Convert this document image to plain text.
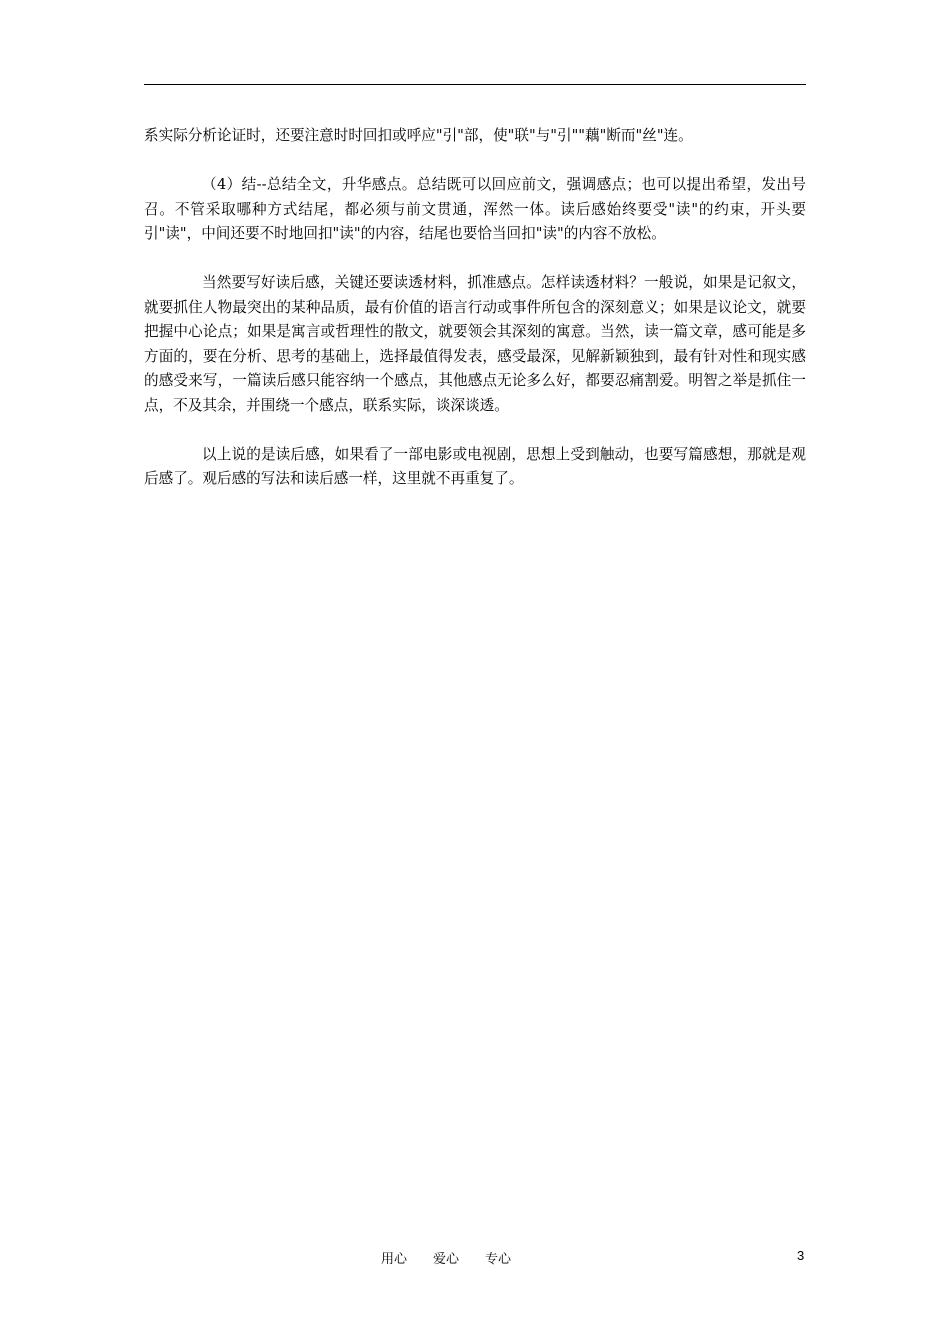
系实际分析论证时，还要注意时时回扣或呼应"引"部，使"联"与"引""藕"断而"丝"连。

（4）结--总结全文，升华感点。总结既可以回应前文，强调感点；也可以提出希望，发出号召。不管采取哪种方式结尾，都必须与前文贯通，浑然一体。读后感始终要受"读"的约束，开头要引"读"，中间还要不时地回扣"读"的内容，结尾也要恰当回扣"读"的内容不放松。

当然要写好读后感，关键还要读透材料，抓准感点。怎样读透材料？一般说，如果是记叙文，就要抓住人物最突出的某种品质，最有价值的语言行动或事件所包含的深刻意义；如果是议论文，就要把握中心论点；如果是寓言或哲理性的散文，就要领会其深刻的寓意。当然，读一篇文章，感可能是多方面的，要在分析、思考的基础上，选择最值得发表，感受最深，见解新颖独到，最有针对性和现实感的感受来写，一篇读后感只能容纳一个感点，其他感点无论多么好，都要忍痛割爱。明智之举是抓住一点，不及其余，并围绕一个感点，联系实际，谈深谈透。

以上说的是读后感，如果看了一部电影或电视剧，思想上受到触动，也要写篇感想，那就是观后感了。观后感的写法和读后感一样，这里就不再重复了。

用心　　爱心　　专心	3
